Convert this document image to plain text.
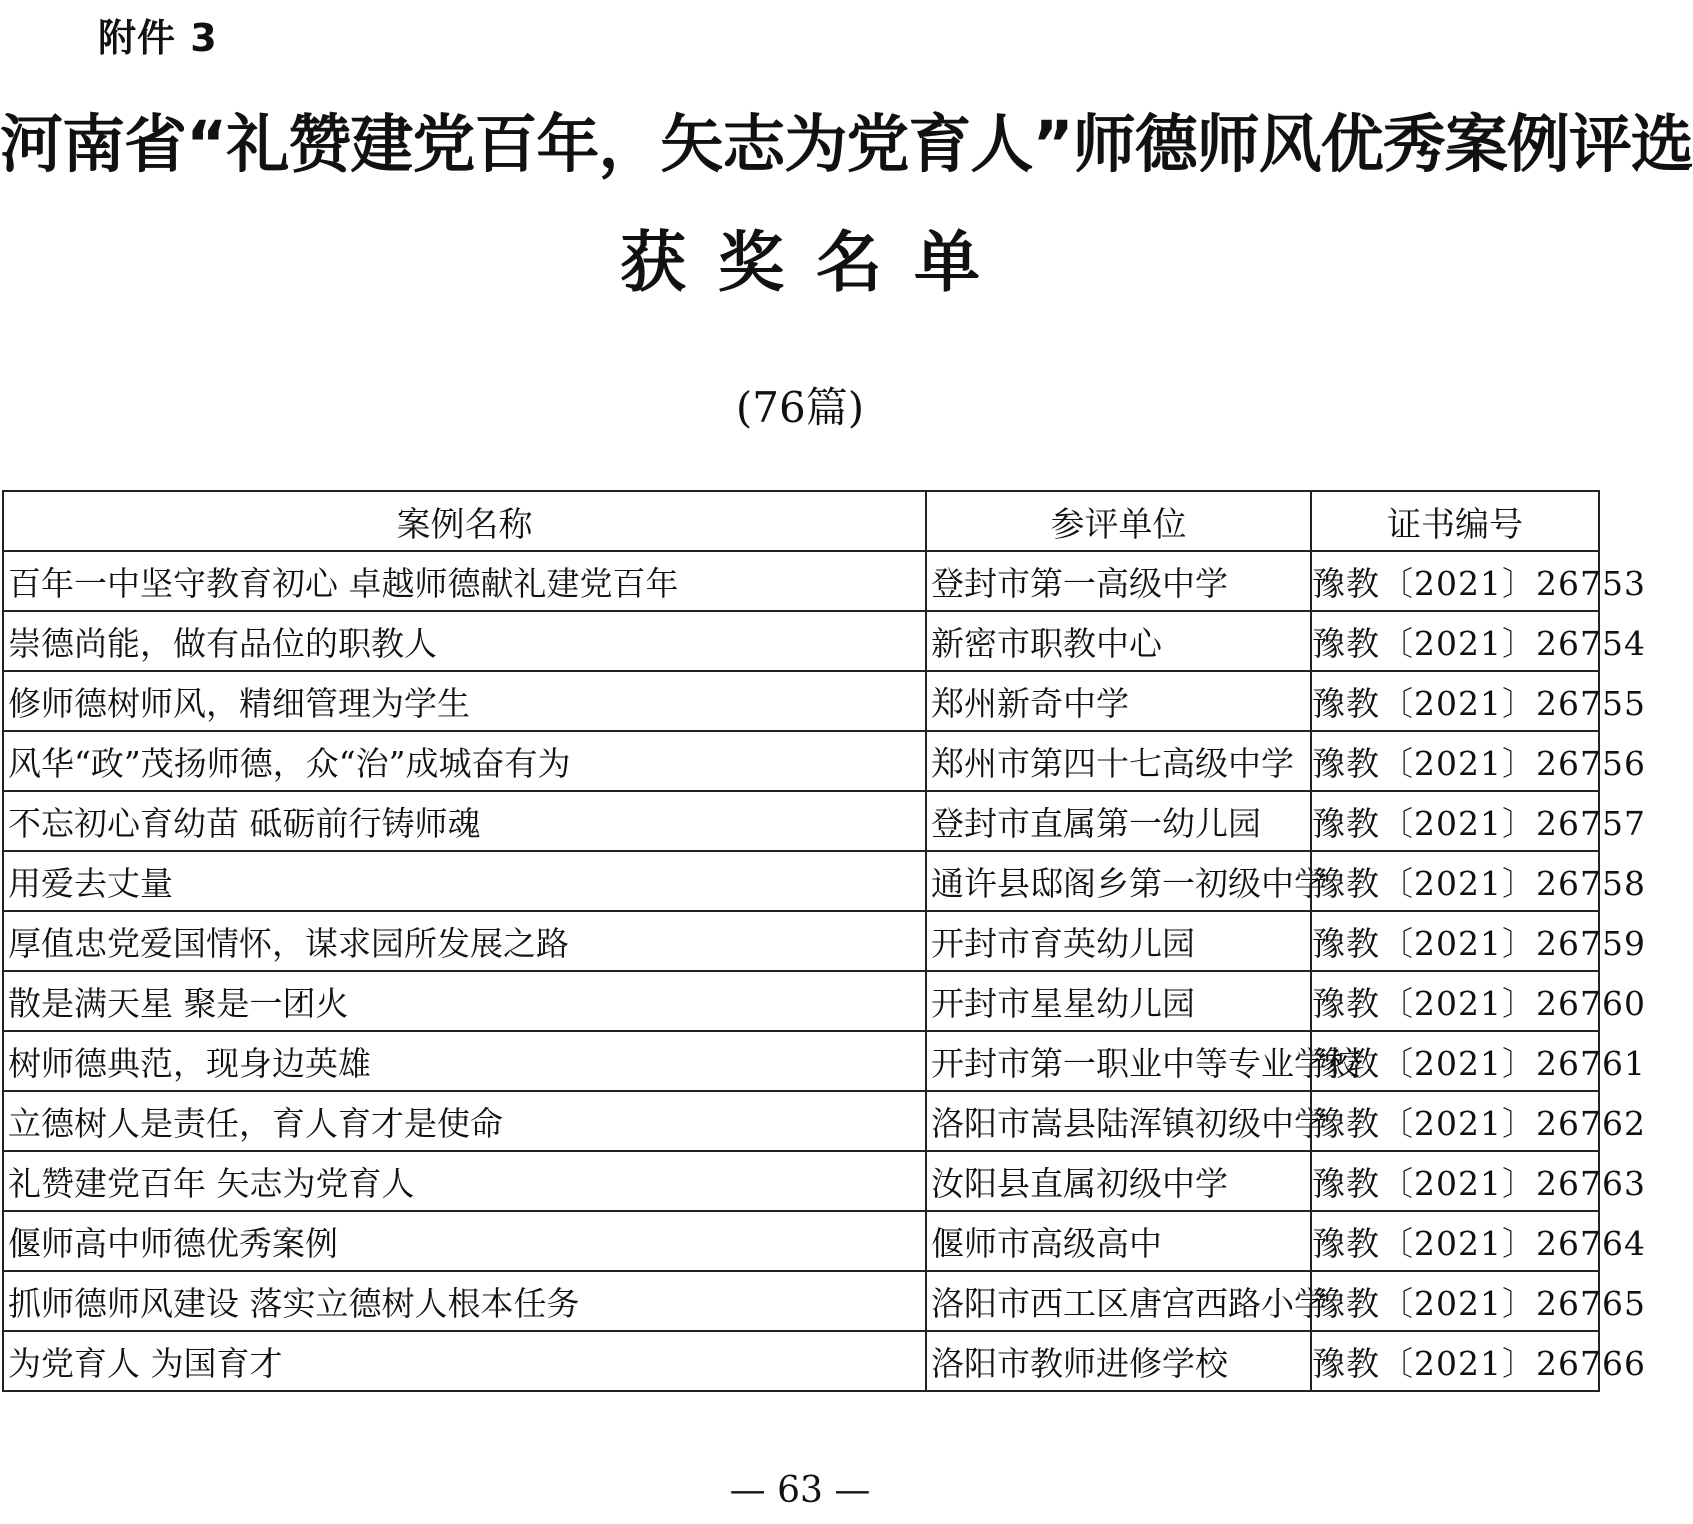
附件 3
河南省“礼赞建党百年，矢志为党育人”师德师风优秀案例评选
获奖名单
(76篇)
案例名称	参评单位	证书编号
百年一中坚守教育初心 卓越师德献礼建党百年	登封市第一高级中学	豫教〔2021〕26753
崇德尚能，做有品位的职教人	新密市职教中心	豫教〔2021〕26754
修师德树师风，精细管理为学生	郑州新奇中学	豫教〔2021〕26755
风华“政”茂扬师德，众“治”成城奋有为	郑州市第四十七高级中学	豫教〔2021〕26756
不忘初心育幼苗 砥砺前行铸师魂	登封市直属第一幼儿园	豫教〔2021〕26757
用爱去丈量	通许县邸阁乡第一初级中学	豫教〔2021〕26758
厚值忠党爱国情怀，谋求园所发展之路	开封市育英幼儿园	豫教〔2021〕26759
散是满天星 聚是一团火	开封市星星幼儿园	豫教〔2021〕26760
树师德典范，现身边英雄	开封市第一职业中等专业学校	豫教〔2021〕26761
立德树人是责任，育人育才是使命	洛阳市嵩县陆浑镇初级中学	豫教〔2021〕26762
礼赞建党百年 矢志为党育人	汝阳县直属初级中学	豫教〔2021〕26763
偃师高中师德优秀案例	偃师市高级高中	豫教〔2021〕26764
抓师德师风建设 落实立德树人根本任务	洛阳市西工区唐宫西路小学	豫教〔2021〕26765
为党育人 为国育才	洛阳市教师进修学校	豫教〔2021〕26766
— 63 —
